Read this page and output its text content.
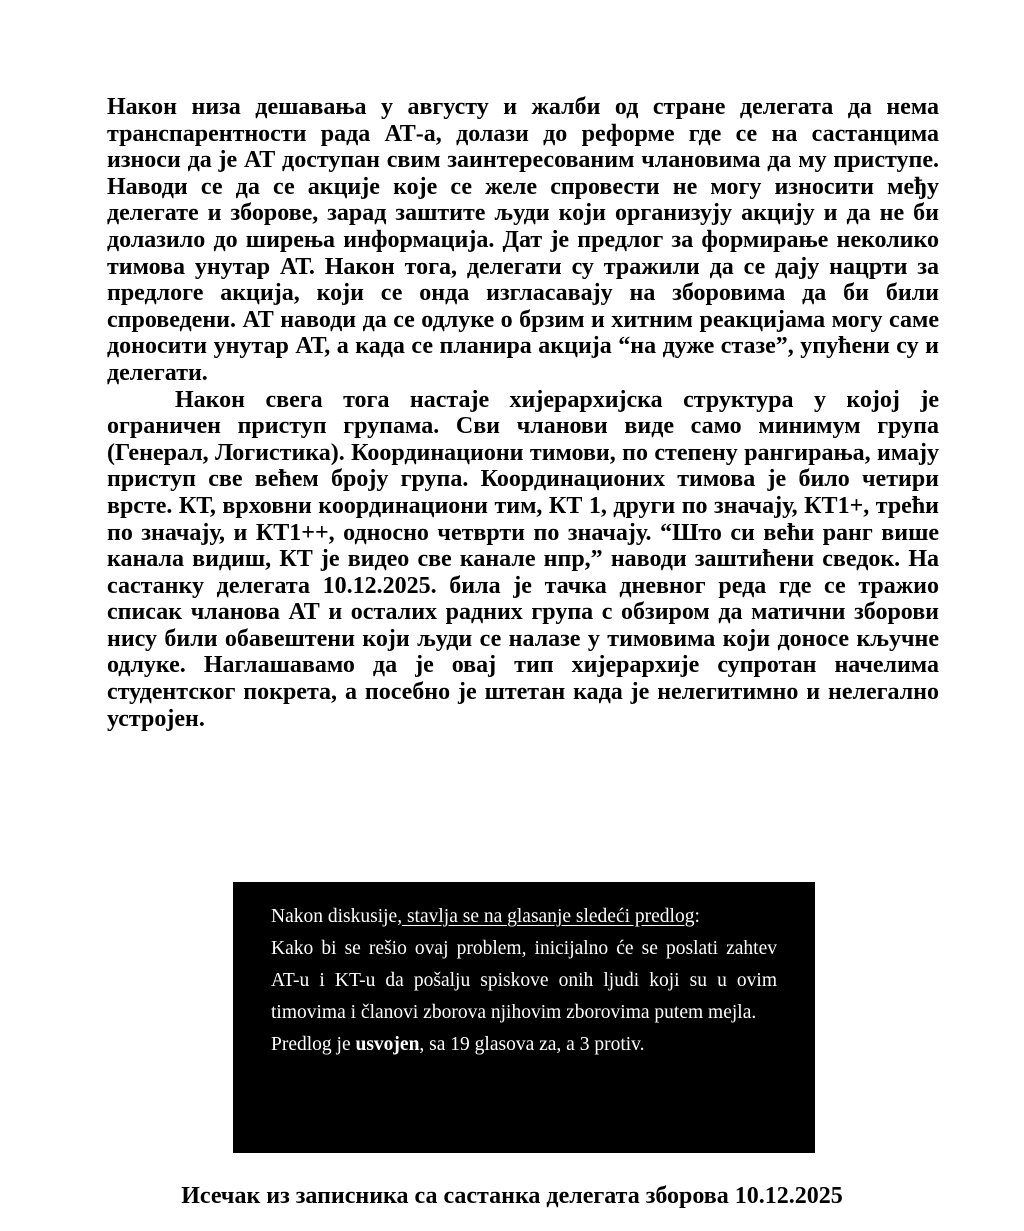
Након низа дешавања у августу и жалби од стране делегата да нема транспарентности рада АТ-а, долази до реформе где се на састанцима износи да је АТ доступан свим заинтересованим члановима да му приступе. Наводи се да се акције које се желе спровести не могу износити међу делегате и зборове, зарад заштите људи који организују акцију и да не би долазило до ширења информација. Дат је предлог за формирање неколико тимова унутар АТ. Након тога, делегати су тражили да се дају нацрти за предлоге акција, који се онда изгласавају на зборовима да би били спроведени. АТ наводи да се одлуке о брзим и хитним реакцијама могу саме доносити унутар АТ, а када се планира акција “на дуже стазе”, упућени су и делегати.

Након свега тога настаје хијерархијска структура у којој је ограничен приступ групама. Сви чланови виде само минимум група (Генерал, Логистика). Координациони тимови, по степену рангирања, имају приступ све већем броју група. Координационих тимова је било четири врсте. КТ, врховни координациони тим, КТ 1, други по значају, КТ1+, трећи по значају, и КТ1++, односно четврти по значају. “Што си већи ранг више канала видиш, КТ је видео све канале нпр,” наводи заштићени сведок. На састанку делегата 10.12.2025. била је тачка дневног реда где се тражио списак чланова АТ и осталих радних група с обзиром да матични зборови нису били обавештени који људи се налазе у тимовима који доносе кључне одлуке. Наглашавамо да је овај тип хијерархије супротан начелима студентског покрета, а посебно је штетан када је нелегитимно и нелегално устројен.

Nakon diskusije, stavlja se na glasanje sledeći predlog:
Kako bi se rešio ovaj problem, inicijalno će se poslati zahtev AT-u i KT-u da pošalju spiskove onih ljudi koji su u ovim timovima i članovi zborova njihovim zborovima putem mejla.
Predlog je usvojen, sa 19 glasova za, a 3 protiv.
Исечак из записника са састанка делегата зборова 10.12.2025
